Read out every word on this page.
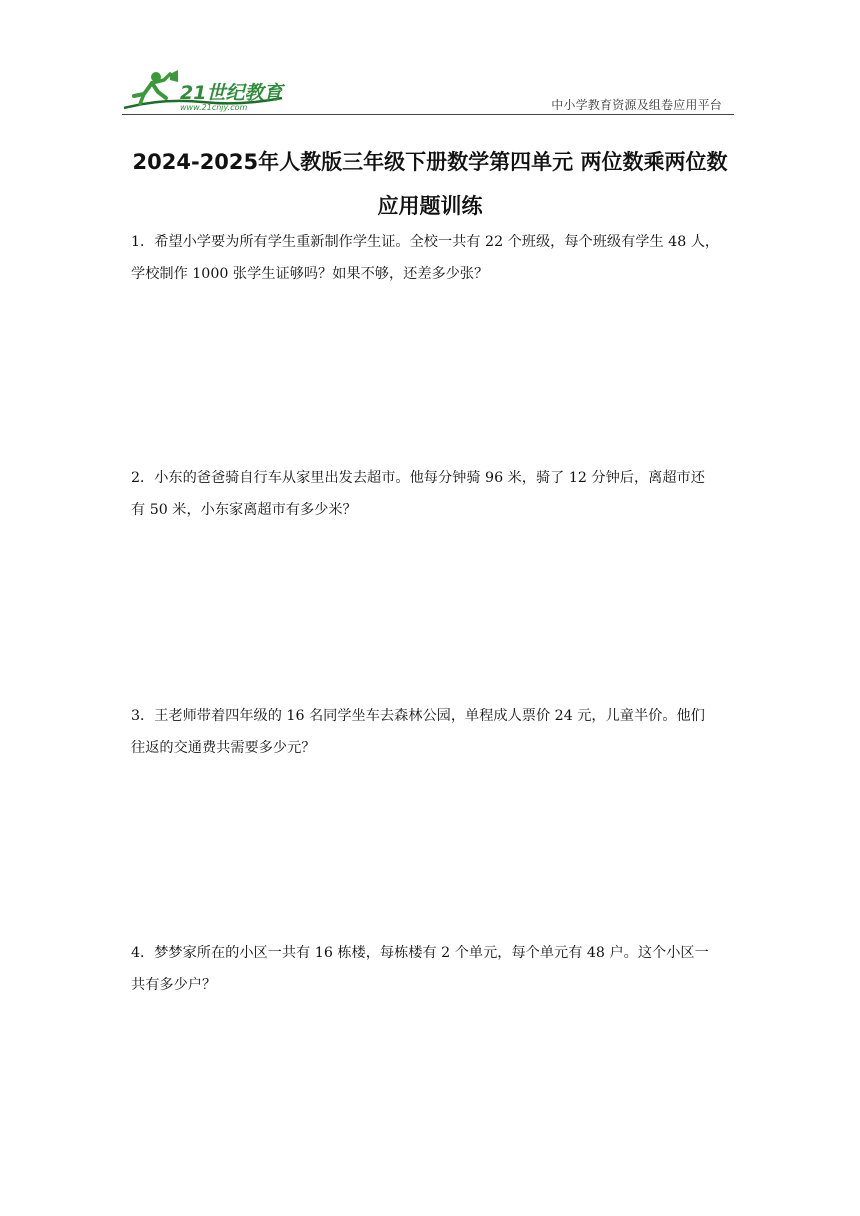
21世纪教育
www.21cnjy.com	中小学教育资源及组卷应用平台
2024-2025年人教版三年级下册数学第四单元 两位数乘两位数
应用题训练
1．希望小学要为所有学生重新制作学生证。全校一共有 22 个班级，每个班级有学生 48 人，
学校制作 1000 张学生证够吗？如果不够，还差多少张？
2．小东的爸爸骑自行车从家里出发去超市。他每分钟骑 96 米，骑了 12 分钟后，离超市还
有 50 米，小东家离超市有多少米？
3．王老师带着四年级的 16 名同学坐车去森林公园，单程成人票价 24 元，儿童半价。他们
往返的交通费共需要多少元？
4．梦梦家所在的小区一共有 16 栋楼，每栋楼有 2 个单元，每个单元有 48 户。这个小区一
共有多少户？
